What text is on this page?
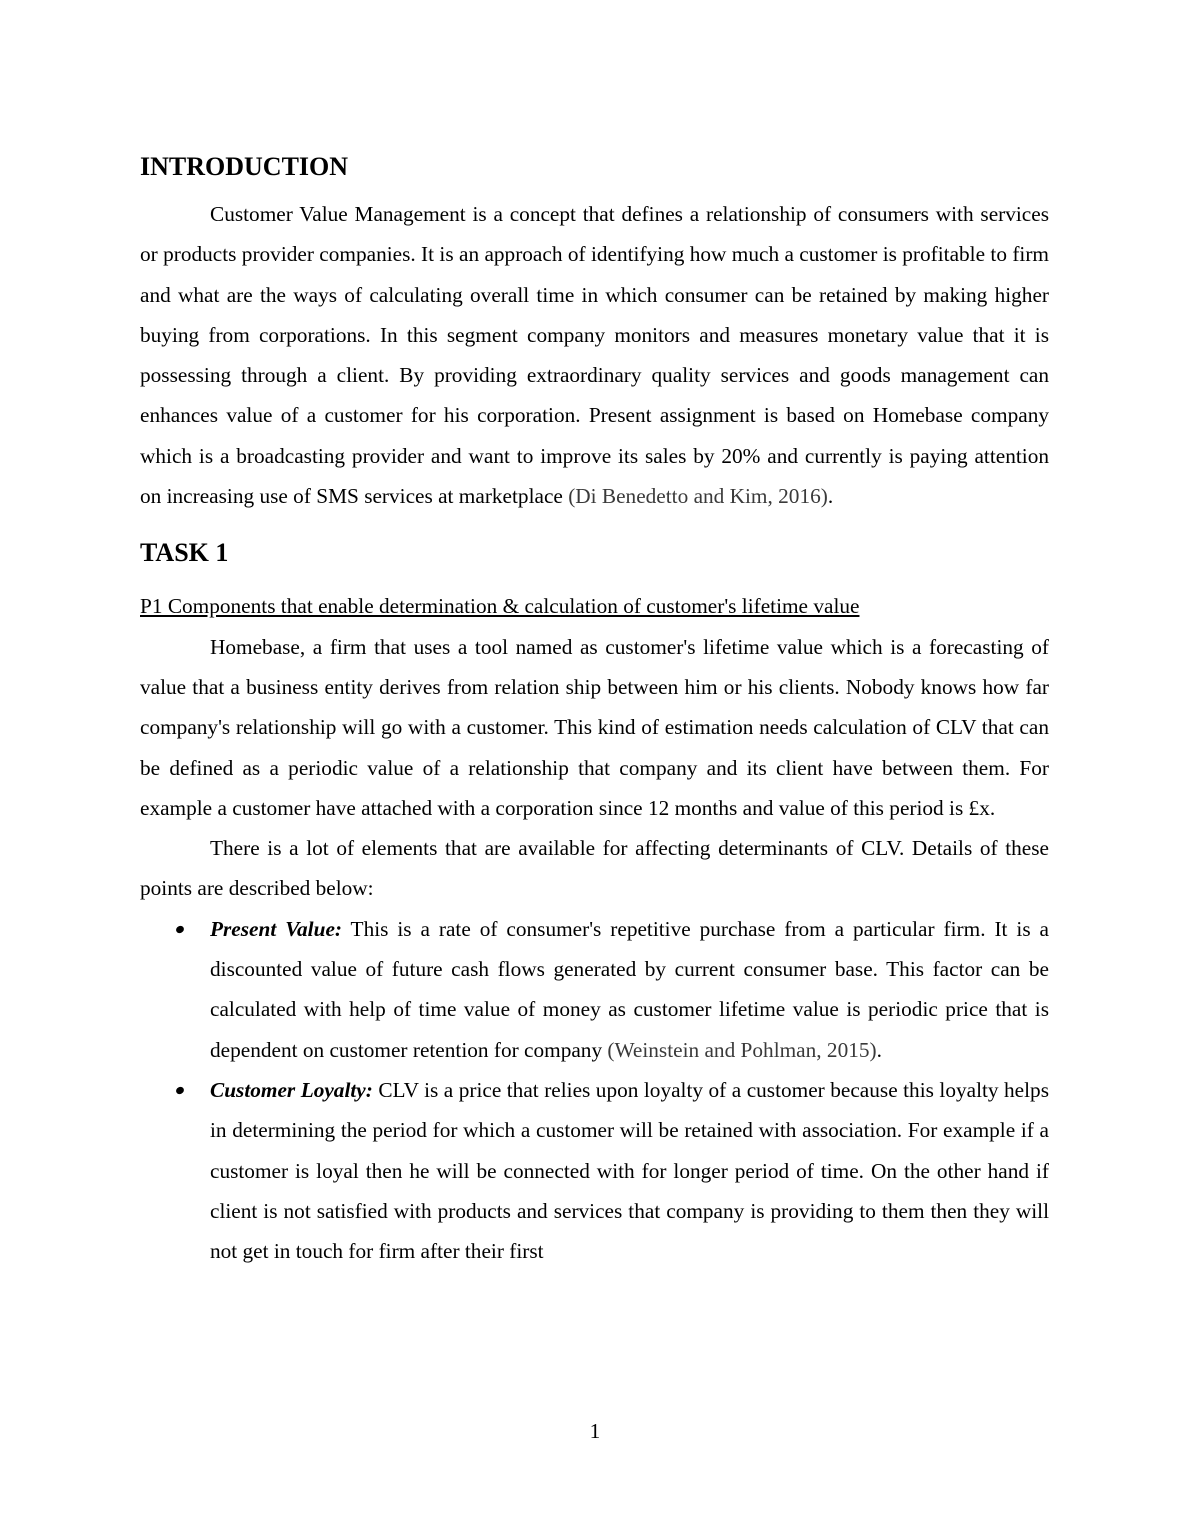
INTRODUCTION

Customer Value Management is a concept that defines a relationship of consumers with services or products provider companies. It is an approach of identifying how much a customer is profitable to firm and what are the ways of calculating overall time in which consumer can be retained by making higher buying from corporations. In this segment company monitors and measures monetary value that it is possessing through a client. By providing extraordinary quality services and goods management can enhances value of a customer for his corporation. Present assignment is based on Homebase company which is a broadcasting provider and want to improve its sales by 20% and currently is paying attention on increasing use of SMS services at marketplace (Di Benedetto and Kim, 2016).

TASK 1

P1 Components that enable determination & calculation of customer's lifetime value

Homebase, a firm that uses a tool named as customer's lifetime value which is a forecasting of value that a business entity derives from relation ship between him or his clients. Nobody knows how far company's relationship will go with a customer. This kind of estimation needs calculation of CLV that can be defined as a periodic value of a relationship that company and its client have between them. For example a customer have attached with a corporation since 12 months and value of this period is £x.

There is a lot of elements that are available for affecting determinants of CLV. Details of these points are described below:

Present Value: This is a rate of consumer's repetitive purchase from a particular firm. It is a discounted value of future cash flows generated by current consumer base. This factor can be calculated with help of time value of money as customer lifetime value is periodic price that is dependent on customer retention for company (Weinstein and Pohlman, 2015).
Customer Loyalty: CLV is a price that relies upon loyalty of a customer because this loyalty helps in determining the period for which a customer will be retained with association. For example if a customer is loyal then he will be connected with for longer period of time. On the other hand if client is not satisfied with products and services that company is providing to them then they will not get in touch for firm after their first
1
